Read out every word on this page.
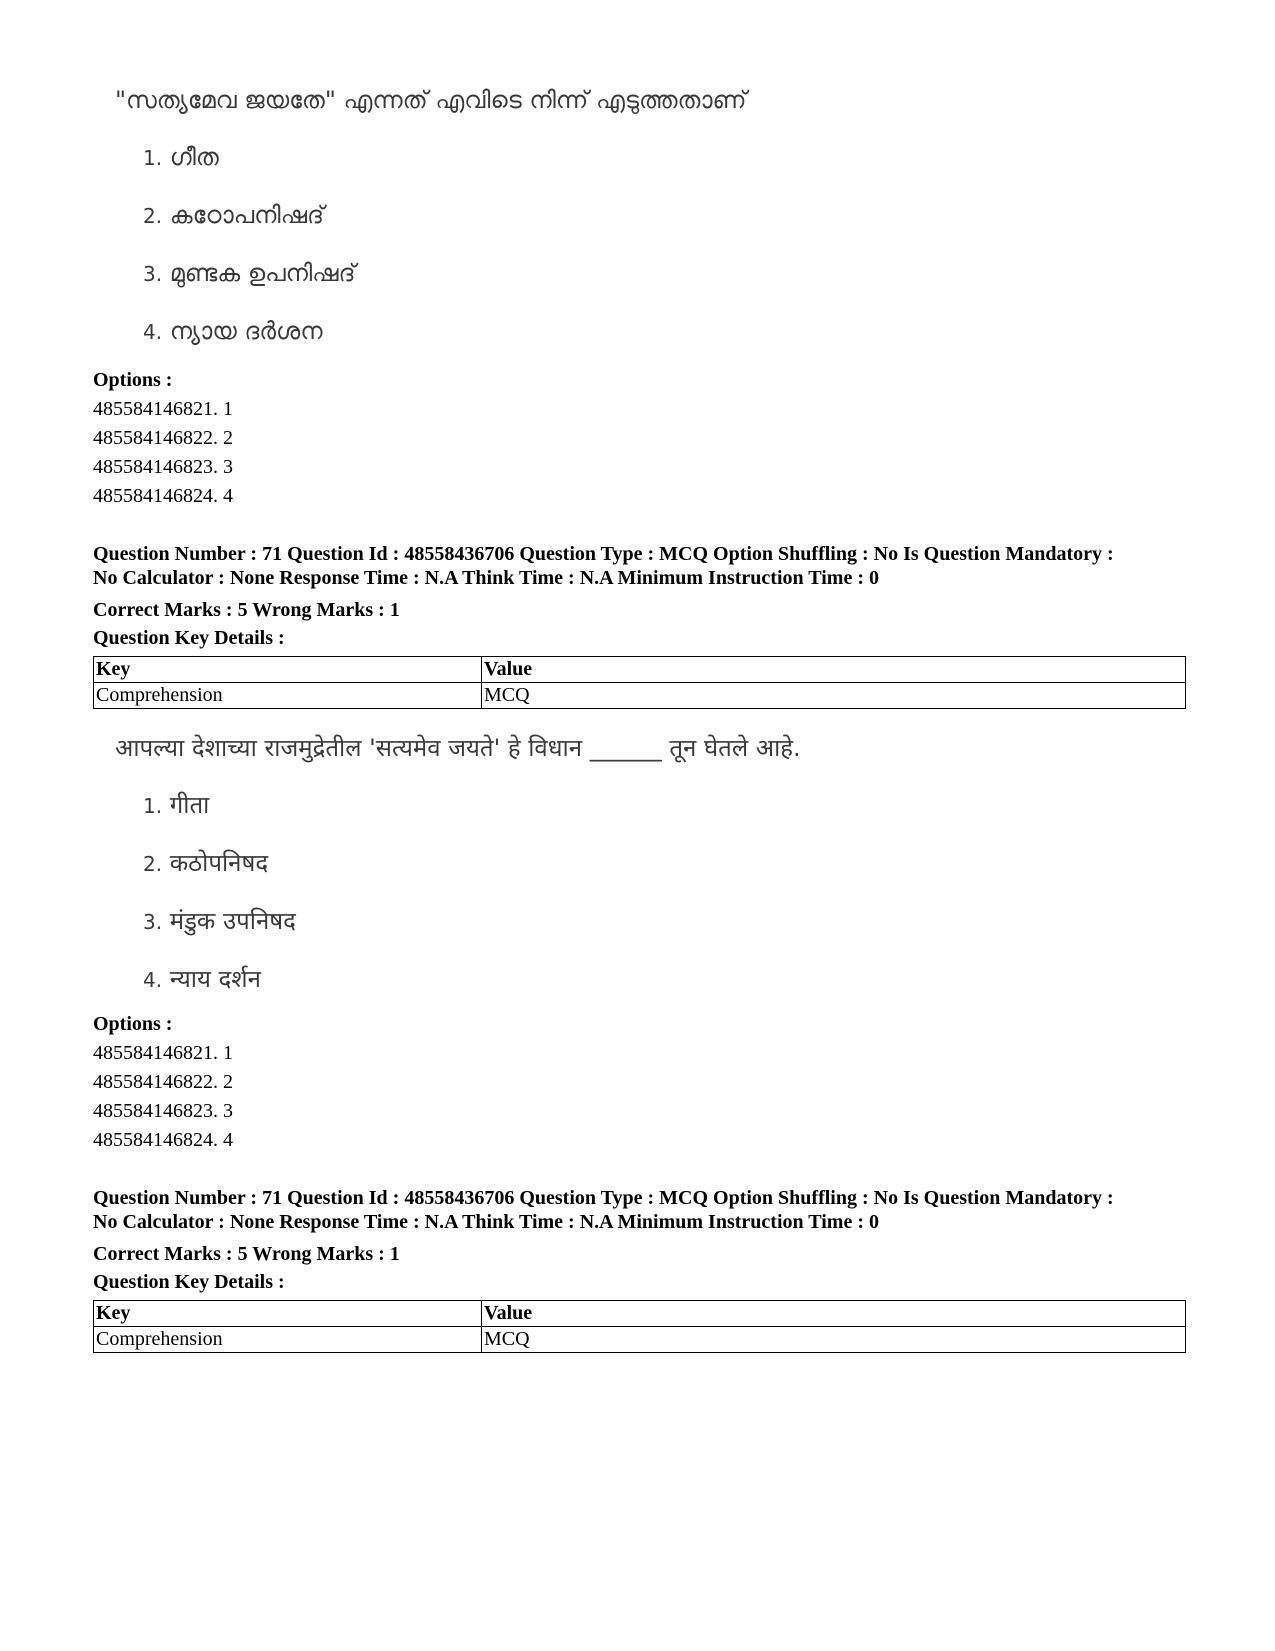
"സത്യമേവ ജയതേ" എന്നത് എവിടെ നിന്ന് എടുത്തതാണ്
1. ഗീത
2. കഠോപനിഷദ്
3. മുണ്ടക ഉപനിഷദ്
4. ന്യായ ദർശന
Options :
485584146821. 1
485584146822. 2
485584146823. 3
485584146824. 4
Question Number : 71 Question Id : 48558436706 Question Type : MCQ Option Shuffling : No Is Question Mandatory :
No Calculator : None Response Time : N.A Think Time : N.A Minimum Instruction Time : 0
Correct Marks : 5 Wrong Marks : 1
Question Key Details :
Key	Value
Comprehension	MCQ
आपल्या देशाच्या राजमुद्रेतील 'सत्यमेव जयते' हे विधान ______ तून घेतले आहे.
1. गीता
2. कठोपनिषद
3. मंडुक उपनिषद
4. न्याय दर्शन
Options :
485584146821. 1
485584146822. 2
485584146823. 3
485584146824. 4
Question Number : 71 Question Id : 48558436706 Question Type : MCQ Option Shuffling : No Is Question Mandatory :
No Calculator : None Response Time : N.A Think Time : N.A Minimum Instruction Time : 0
Correct Marks : 5 Wrong Marks : 1
Question Key Details :
Key	Value
Comprehension	MCQ
